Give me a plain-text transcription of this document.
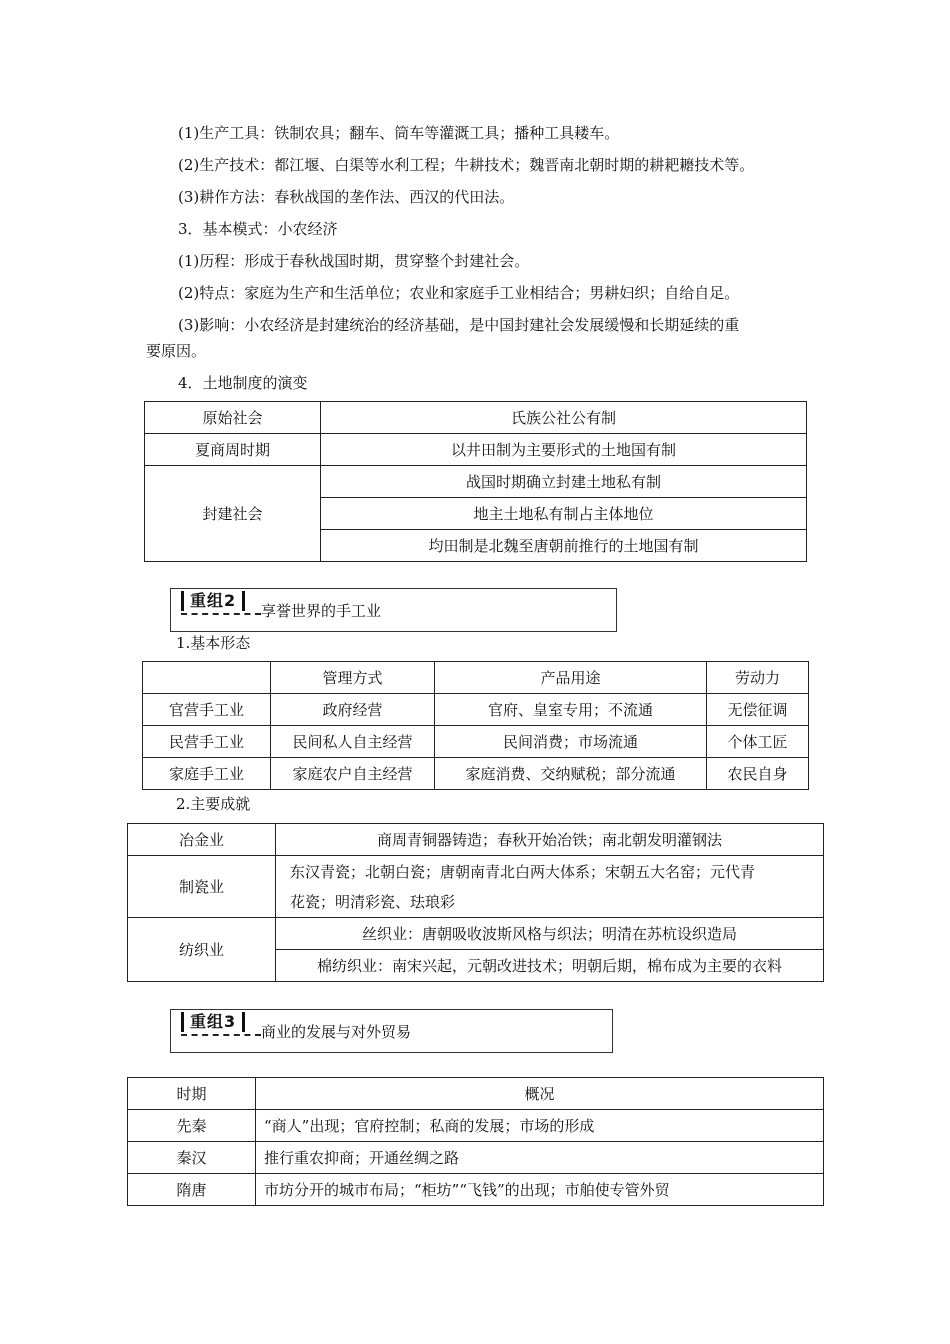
(1)生产工具：铁制农具；翻车、筒车等灌溉工具；播种工具耧车。
(2)生产技术：都江堰、白渠等水利工程；牛耕技术；魏晋南北朝时期的耕耙耱技术等。
(3)耕作方法：春秋战国的垄作法、西汉的代田法。
3．基本模式：小农经济
(1)历程：形成于春秋战国时期，贯穿整个封建社会。
(2)特点：家庭为生产和生活单位；农业和家庭手工业相结合；男耕妇织；自给自足。
(3)影响：小农经济是封建统治的经济基础，是中国封建社会发展缓慢和长期延续的重
要原因。
4．土地制度的演变
原始社会	氏族公社公有制
夏商周时期	以井田制为主要形式的土地国有制
封建社会	战国时期确立封建土地私有制
	地主土地私有制占主体地位
	均田制是北魏至唐朝前推行的土地国有制
重组2
享誉世界的手工业
1.基本形态
	管理方式	产品用途	劳动力
官营手工业	政府经营	官府、皇室专用；不流通	无偿征调
民营手工业	民间私人自主经营	民间消费；市场流通	个体工匠
家庭手工业	家庭农户自主经营	家庭消费、交纳赋税；部分流通	农民自身
2.主要成就
冶金业	商周青铜器铸造；春秋开始冶铁；南北朝发明灌钢法
制瓷业	东汉青瓷；北朝白瓷；唐朝南青北白两大体系；宋朝五大名窑；元代青
花瓷；明清彩瓷、珐琅彩

纺织业	丝织业：唐朝吸收波斯风格与织法；明清在苏杭设织造局
	棉纺织业：南宋兴起，元朝改进技术；明朝后期，棉布成为主要的衣料
重组3
商业的发展与对外贸易
时期	概况
先秦	“商人”出现；官府控制；私商的发展；市场的形成
秦汉	推行重农抑商；开通丝绸之路
隋唐	市坊分开的城市布局；“柜坊”“飞钱”的出现；市舶使专管外贸
